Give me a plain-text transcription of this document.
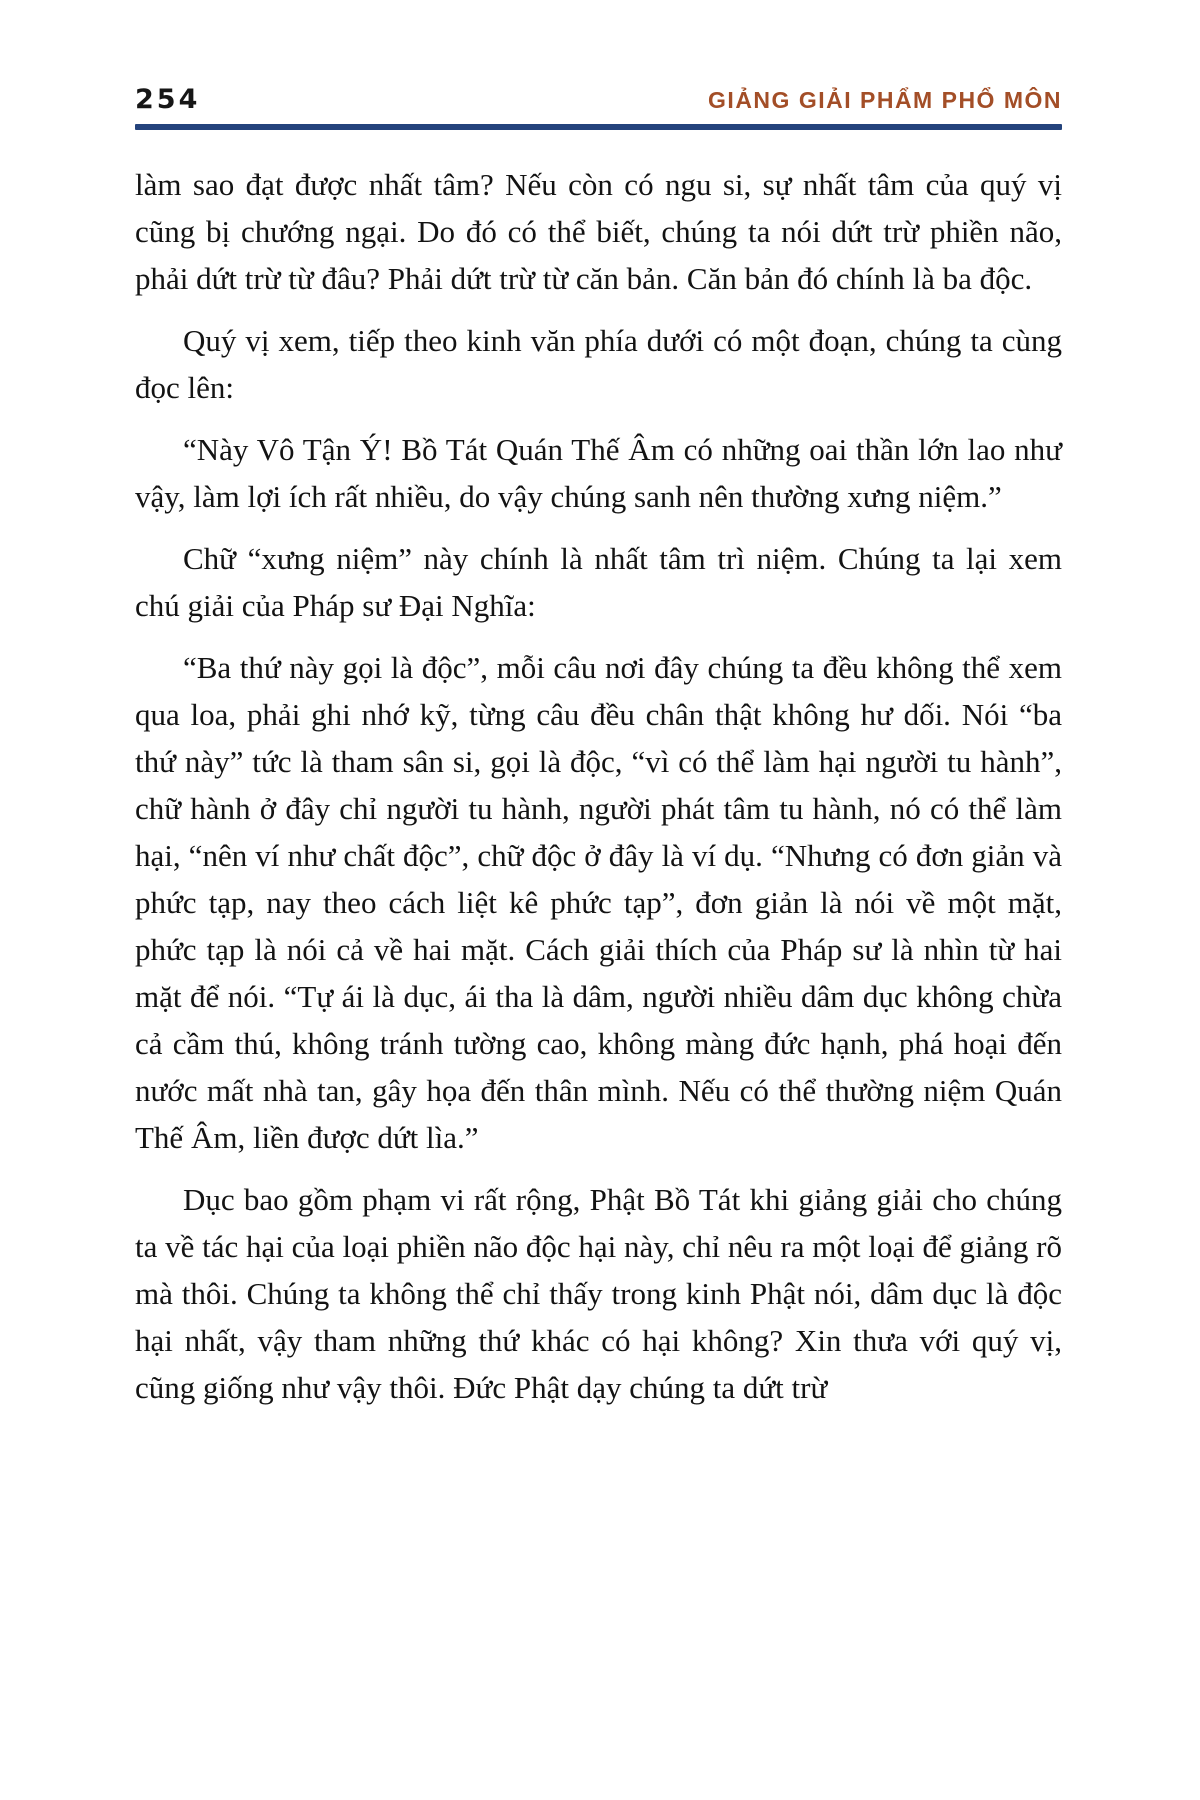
254	GIẢNG GIẢI PHẨM PHỔ MÔN

làm sao đạt được nhất tâm? Nếu còn có ngu si, sự nhất tâm của quý vị cũng bị chướng ngại. Do đó có thể biết, chúng ta nói dứt trừ phiền não, phải dứt trừ từ đâu? Phải dứt trừ từ căn bản. Căn bản đó chính là ba độc.

Quý vị xem, tiếp theo kinh văn phía dưới có một đoạn, chúng ta cùng đọc lên:

“Này Vô Tận Ý! Bồ Tát Quán Thế Âm có những oai thần lớn lao như vậy, làm lợi ích rất nhiều, do vậy chúng sanh nên thường xưng niệm.”

Chữ “xưng niệm” này chính là nhất tâm trì niệm. Chúng ta lại xem chú giải của Pháp sư Đại Nghĩa:

“Ba thứ này gọi là độc”, mỗi câu nơi đây chúng ta đều không thể xem qua loa, phải ghi nhớ kỹ, từng câu đều chân thật không hư dối. Nói “ba thứ này” tức là tham sân si, gọi là độc, “vì có thể làm hại người tu hành”, chữ hành ở đây chỉ người tu hành, người phát tâm tu hành, nó có thể làm hại, “nên ví như chất độc”, chữ độc ở đây là ví dụ. “Nhưng có đơn giản và phức tạp, nay theo cách liệt kê phức tạp”, đơn giản là nói về một mặt, phức tạp là nói cả về hai mặt. Cách giải thích của Pháp sư là nhìn từ hai mặt để nói. “Tự ái là dục, ái tha là dâm, người nhiều dâm dục không chừa cả cầm thú, không tránh tường cao, không màng đức hạnh, phá hoại đến nước mất nhà tan, gây họa đến thân mình. Nếu có thể thường niệm Quán Thế Âm, liền được dứt lìa.”

Dục bao gồm phạm vi rất rộng, Phật Bồ Tát khi giảng giải cho chúng ta về tác hại của loại phiền não độc hại này, chỉ nêu ra một loại để giảng rõ mà thôi. Chúng ta không thể chỉ thấy trong kinh Phật nói, dâm dục là độc hại nhất, vậy tham những thứ khác có hại không? Xin thưa với quý vị, cũng giống như vậy thôi. Đức Phật dạy chúng ta dứt trừ
